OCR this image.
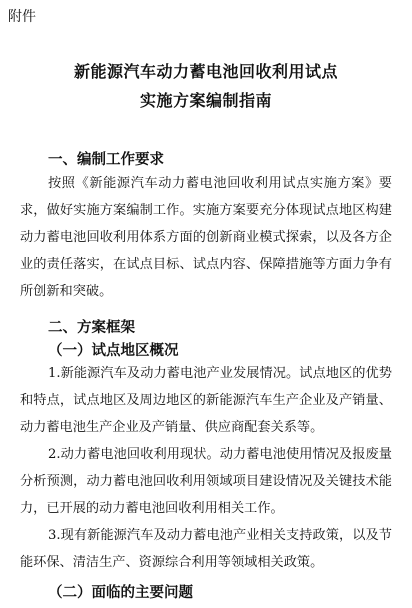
附件
新能源汽车动力蓄电池回收利用试点
实施方案编制指南
一、编制工作要求
按照《新能源汽车动力蓄电池回收利用试点实施方案》要求，做好实施方案编制工作。实施方案要充分体现试点地区构建动力蓄电池回收利用体系方面的创新商业模式探索，以及各方企业的责任落实，在试点目标、试点内容、保障措施等方面力争有所创新和突破。
二、方案框架
（一）试点地区概况
1.新能源汽车及动力蓄电池产业发展情况。试点地区的优势和特点，试点地区及周边地区的新能源汽车生产企业及产销量、动力蓄电池生产企业及产销量、供应商配套关系等。
2.动力蓄电池回收利用现状。动力蓄电池使用情况及报废量分析预测，动力蓄电池回收利用领域项目建设情况及关键技术能力，已开展的动力蓄电池回收利用相关工作。
3.现有新能源汽车及动力蓄电池产业相关支持政策，以及节能环保、清洁生产、资源综合利用等领域相关政策。
（二）面临的主要问题
